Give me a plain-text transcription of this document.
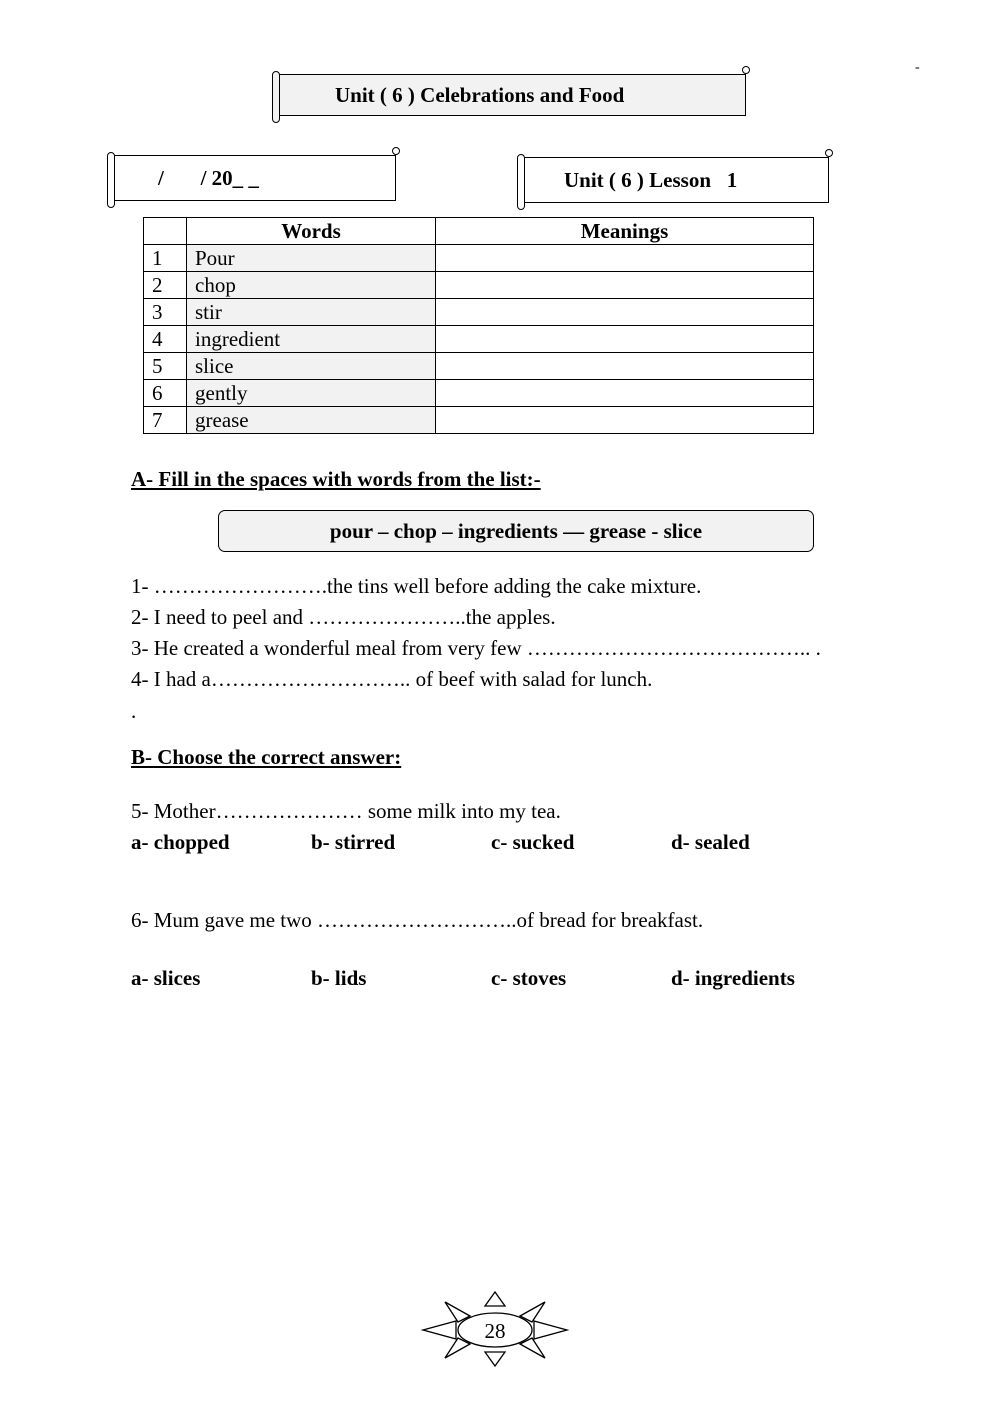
-
Unit ( 6 ) Celebrations and Food
/       / 20_ _	Unit ( 6 ) Lesson   1
	Words	Meanings
1	Pour	
2	chop	
3	stir	
4	ingredient	
5	slice	
6	gently	
7	grease	
A- Fill in the spaces with words from the list:-
pour – chop – ingredients — grease - slice
1- …………………….the tins well before adding the cake mixture.
2- I need to peel and …………………..the apples.
3- He created a wonderful meal from very few ………………………………….. .
4- I had a……………………….. of beef with salad for lunch.
.
B- Choose the correct answer:
5- Mother………………… some milk into my tea.
a- chopped	b- stirred	c- sucked	d- sealed
6- Mum gave me two ………………………..of bread for breakfast.
a- slices	b- lids	c- stoves	d- ingredients
28
